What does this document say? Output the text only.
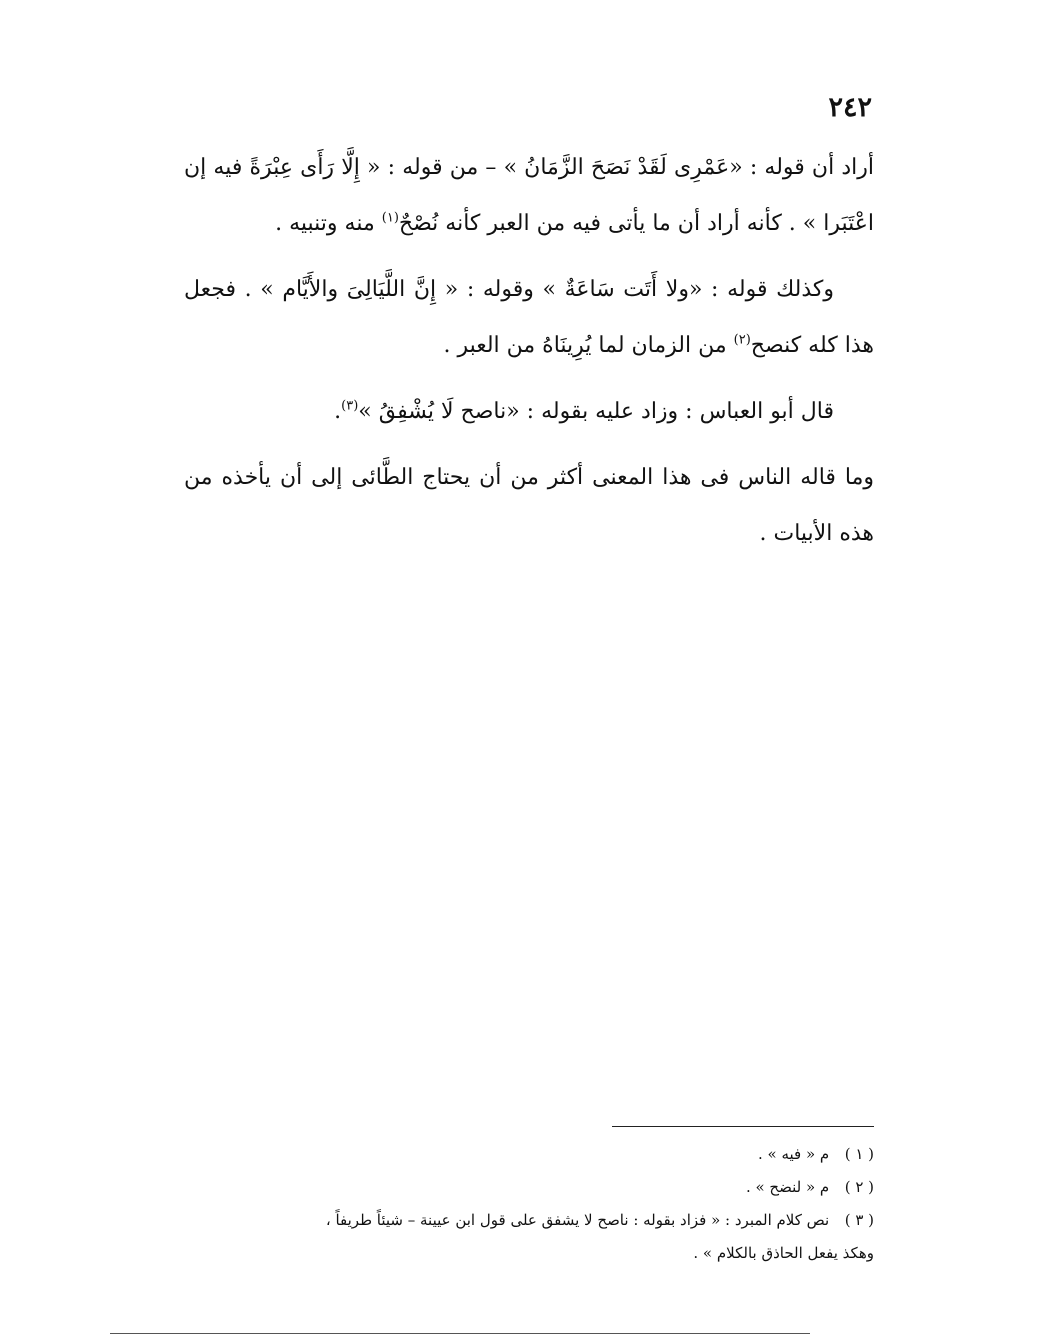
٢٤٢

أراد أن قوله : «عَمْرِى لَقَدْ نَصَحَ الزَّمَانُ » – من قوله : « إِلَّا رَأَى عِبْرَةً فيه إن اعْتَبَرا » . كأنه أراد أن ما يأتى فيه من العبر كأنه نُصْحٌ$^{(١)}$ منه وتنبيه .

وكذلك قوله : «ولا أَتَت سَاعَةٌ » وقوله : « إِنَّ اللَّيَالِىَ والأَيَّام » . فجعل هذا كله كنصح$^{(٢)}$ من الزمان لما يُرِينَاهُ من العبر .

قال أبو العباس : وزاد عليه بقوله : «ناصح لَا يُشْفِقُ »$^{(٣)}$.

وما قاله الناس فى هذا المعنى أكثر من أن يحتاج الطَّائى إلى أن يأخذه من هذه الأبيات .

( ١ ) م « فيه » .

( ٢ ) م « لنضح » .

( ٣ ) نص كلام المبرد : « فزاد بقوله : ناصح لا يشفق على قول ابن عيينة – شيئاً طريفاً ،

وهكذ يفعل الحاذق بالكلام » .
